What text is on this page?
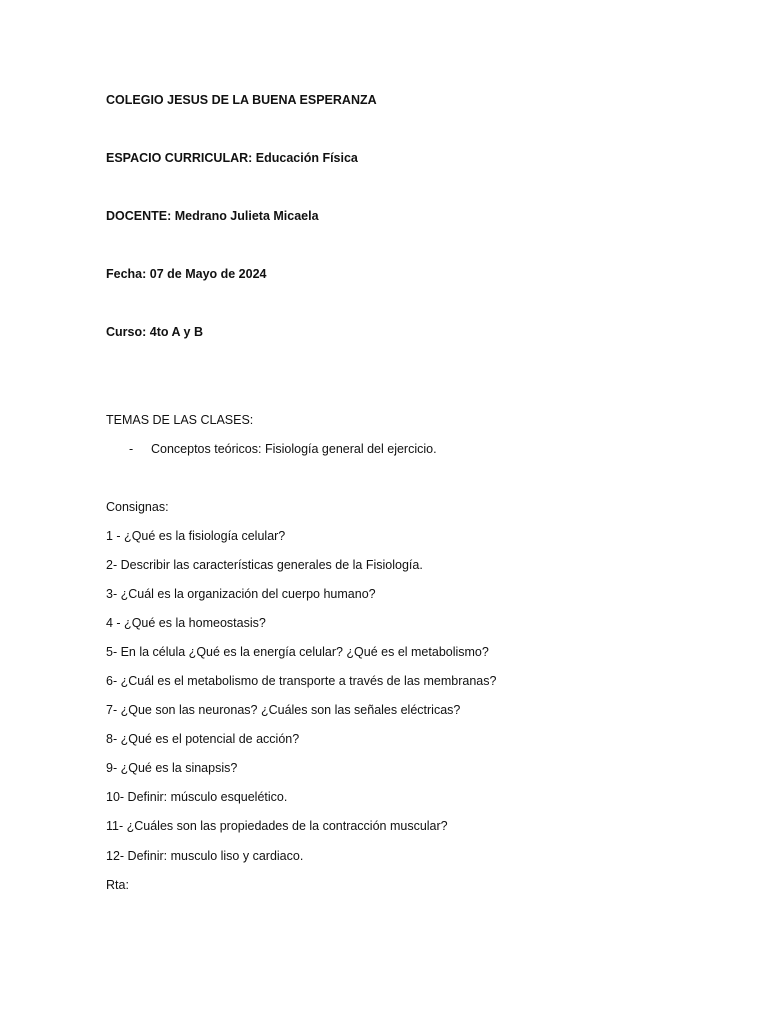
COLEGIO JESUS DE LA BUENA ESPERANZA
ESPACIO CURRICULAR: Educación Física
DOCENTE: Medrano Julieta Micaela
Fecha: 07 de Mayo de 2024
Curso: 4to A y B
TEMAS DE LAS CLASES:
- Conceptos teóricos: Fisiología general del ejercicio.
Consignas:
1 - ¿Qué es la fisiología celular?
2- Describir las características generales de la Fisiología.
3- ¿Cuál es la organización del cuerpo humano?
4 - ¿Qué es la homeostasis?
5- En la célula ¿Qué es la energía celular? ¿Qué es el metabolismo?
6- ¿Cuál es el metabolismo de transporte a través de las membranas?
7- ¿Que son las neuronas? ¿Cuáles son las señales eléctricas?
8- ¿Qué es el potencial de acción?
9- ¿Qué es la sinapsis?
10- Definir: músculo esquelético.
11- ¿Cuáles son las propiedades de la contracción muscular?
12- Definir: musculo liso y cardiaco.
Rta:
